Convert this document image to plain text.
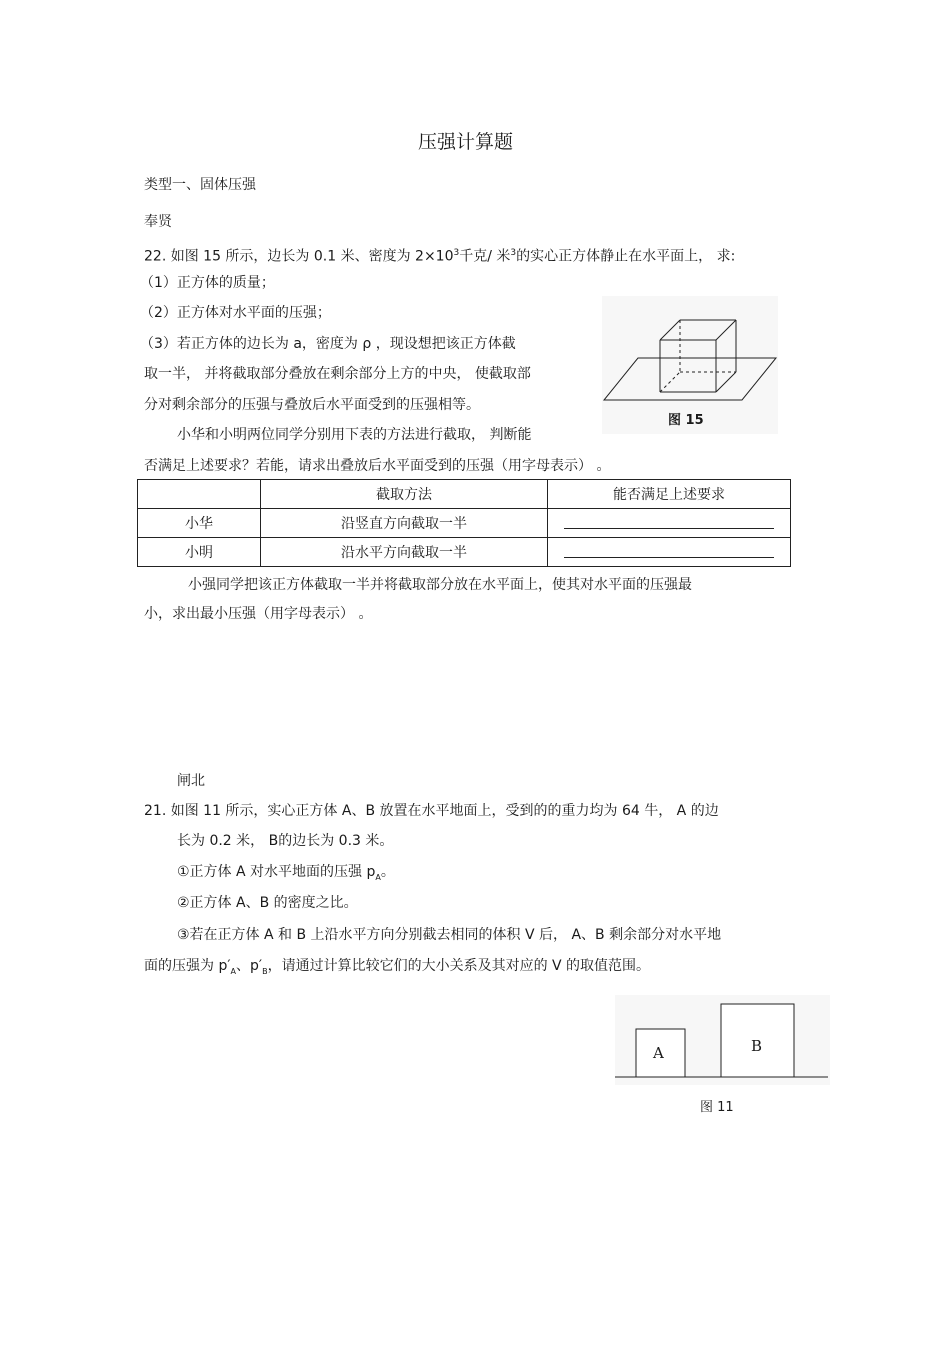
压强计算题
类型一、固体压强
奉贤
22. 如图 15 所示，边长为 0.1 米、密度为 $2\times 10^3$千克/ 米$^3$的实心正方体静止在水平面上， 求:
（1）正方体的质量；
（2）正方体对水平面的压强；
（3）若正方体的边长为 a，密度为 ρ ，现设想把该正方体截
取一半， 并将截取部分叠放在剩余部分上方的中央， 使截取部
分对剩余部分的压强与叠放后水平面受到的压强相等。
小华和小明两位同学分别用下表的方法进行截取， 判断能
否满足上述要求？若能，请求出叠放后水平面受到的压强（用字母表示） 。
图 15
	截取方法	能否满足上述要求
小华	沿竖直方向截取一半	
小明	沿水平方向截取一半	
小强同学把该正方体截取一半并将截取部分放在水平面上，使其对水平面的压强最
小，求出最小压强（用字母表示） 。
闸北
21. 如图 11 所示，实心正方体 A、B 放置在水平地面上，受到的的重力均为 64 牛， A 的边
长为 0.2 米， B的边长为 0.3 米。
①正方体 A 对水平地面的压强 $p_A$。
②正方体 A、B 的密度之比。
③若在正方体 A 和 B 上沿水平方向分别截去相同的体积 V 后， A、B 剩余部分对水平地
面的压强为 $p'_A$、$p'_B$，请通过计算比较它们的大小关系及其对应的 V 的取值范围。
A	B
图 11
